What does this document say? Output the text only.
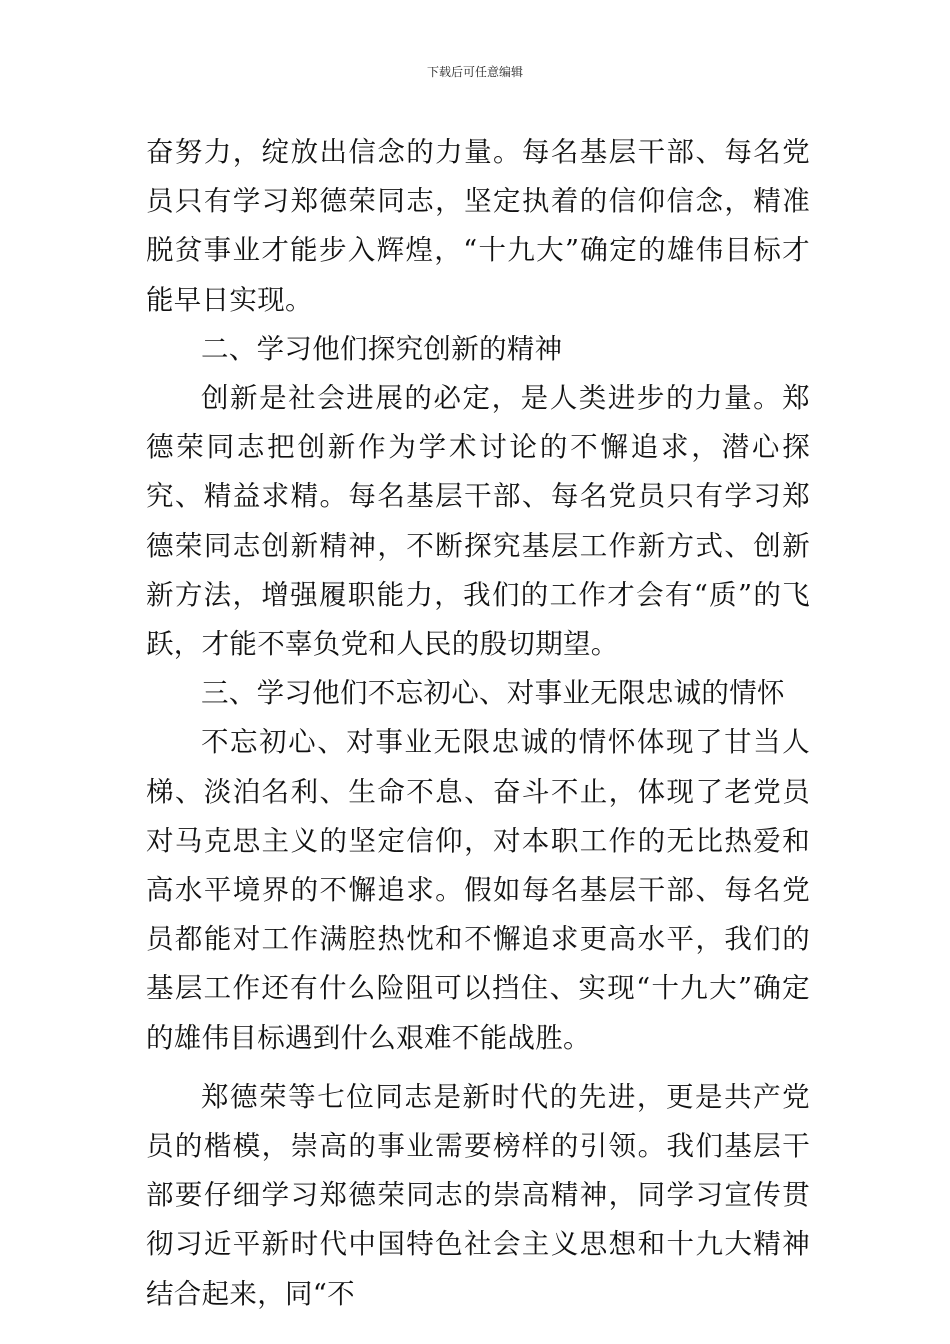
下载后可任意编辑

奋努力，绽放出信念的力量。每名基层干部、每名党员只有学习郑德荣同志，坚定执着的信仰信念，精准脱贫事业才能步入辉煌，“十九大”确定的雄伟目标才能早日实现。

二、学习他们探究创新的精神

创新是社会进展的必定，是人类进步的力量。郑德荣同志把创新作为学术讨论的不懈追求，潜心探究、精益求精。每名基层干部、每名党员只有学习郑德荣同志创新精神，不断探究基层工作新方式、创新新方法，增强履职能力，我们的工作才会有“质”的飞跃，才能不辜负党和人民的殷切期望。

三、学习他们不忘初心、对事业无限忠诚的情怀

不忘初心、对事业无限忠诚的情怀体现了甘当人梯、淡泊名利、生命不息、奋斗不止，体现了老党员对马克思主义的坚定信仰，对本职工作的无比热爱和高水平境界的不懈追求。假如每名基层干部、每名党员都能对工作满腔热忱和不懈追求更高水平，我们的基层工作还有什么险阻可以挡住、实现“十九大”确定的雄伟目标遇到什么艰难不能战胜。

郑德荣等七位同志是新时代的先进，更是共产党员的楷模，崇高的事业需要榜样的引领。我们基层干部要仔细学习郑德荣同志的崇高精神，同学习宣传贯彻习近平新时代中国特色社会主义思想和十九大精神结合起来，同“不
